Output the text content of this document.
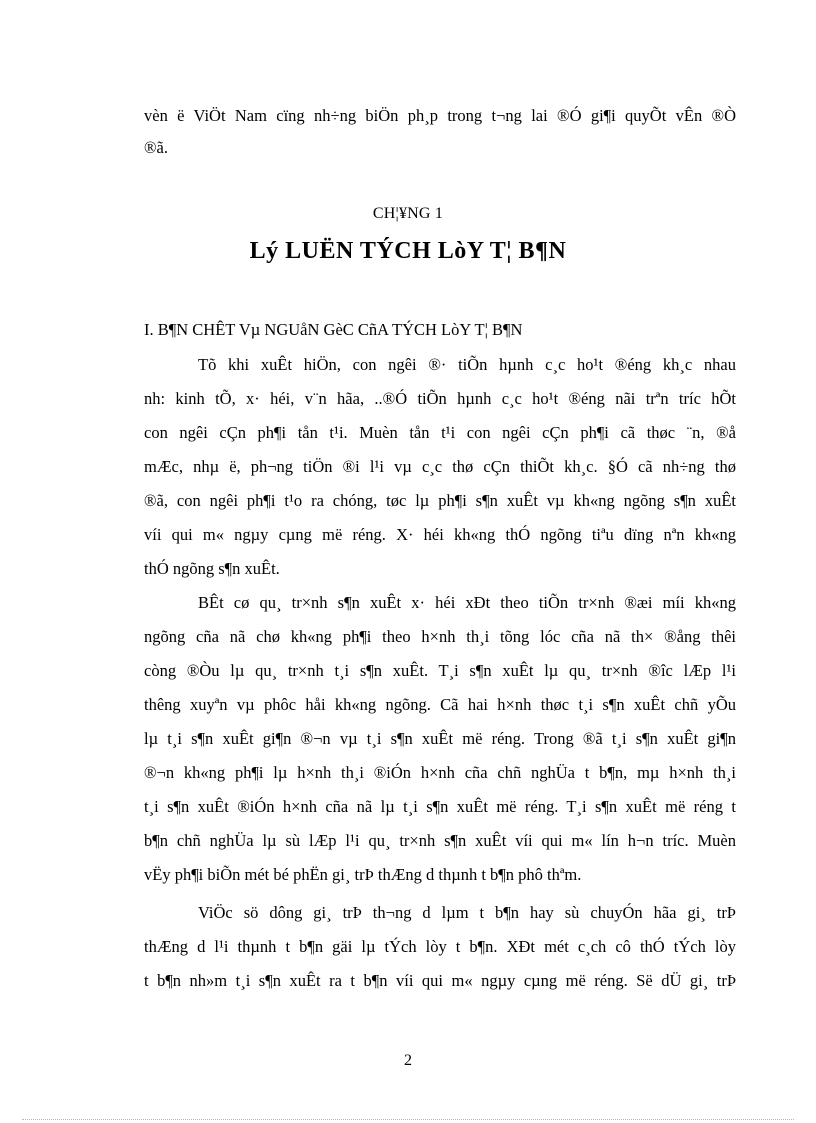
vèn ë ViÖt Nam cïng nh÷ng biÖn ph¸p trong t¬ng lai ®Ó gi¶i quyÕt vÊn ®Ò
®ã.
CH¦¥NG 1
Lý LUËN TÝCH LòY T¦ B¶N
I. B¶N CHÊT Vµ NGUåN GèC CñA TÝCH LòY T¦ B¶N
Tõ khi xuÊt hiÖn, con ngêi ®· tiÕn hµnh c¸c ho¹t ®éng kh¸c nhau
nh: kinh tÕ, x· héi, v¨n hãa, ..®Ó tiÕn hµnh c¸c ho¹t ®éng nãi trªn tríc hÕt
con ngêi cÇn ph¶i tån t¹i. Muèn tån t¹i con ngêi cÇn ph¶i cã thøc ¨n, ®å
mÆc, nhµ ë, ph¬ng tiÖn ®i l¹i vµ c¸c thø cÇn thiÕt kh¸c. §Ó cã nh÷ng thø
®ã, con ngêi ph¶i t¹o ra chóng, tøc lµ ph¶i s¶n xuÊt vµ kh«ng ngõng s¶n xuÊt
víi qui m« ngµy cµng më réng. X· héi kh«ng thÓ ngõng tiªu dïng nªn kh«ng
thÓ ngõng s¶n xuÊt.
BÊt cø qu¸ tr×nh s¶n xuÊt x· héi xÐt theo tiÕn tr×nh ®æi míi kh«ng
ngõng cña nã chø kh«ng ph¶i theo h×nh th¸i tõng lóc cña nã th× ®ång thêi
còng ®Òu lµ qu¸ tr×nh t¸i s¶n xuÊt. T¸i s¶n xuÊt lµ qu¸ tr×nh ®îc lÆp l¹i
thêng xuyªn vµ phôc håi kh«ng ngõng. Cã hai h×nh thøc t¸i s¶n xuÊt chñ yÕu
lµ t¸i s¶n xuÊt gi¶n ®¬n vµ t¸i s¶n xuÊt më réng. Trong ®ã t¸i s¶n xuÊt gi¶n
®¬n kh«ng ph¶i lµ h×nh th¸i ®iÓn h×nh cña chñ nghÜa t b¶n, mµ h×nh th¸i
t¸i s¶n xuÊt ®iÓn h×nh cña nã lµ t¸i s¶n xuÊt më réng. T¸i s¶n xuÊt më réng t
b¶n chñ nghÜa lµ sù lÆp l¹i qu¸ tr×nh s¶n xuÊt víi qui m« lín h¬n tríc. Muèn
vËy ph¶i biÕn mét bé phËn gi¸ trÞ thÆng d thµnh t b¶n phô thªm.
ViÖc sö dông gi¸ trÞ th¬ng d lµm t b¶n hay sù chuyÓn hãa gi¸ trÞ
thÆng d l¹i thµnh t b¶n gäi lµ tÝch lòy t b¶n. XÐt mét c¸ch cô thÓ tÝch lòy
t b¶n nh»m t¸i s¶n xuÊt ra t b¶n víi qui m« ngµy cµng më réng. Së dÜ gi¸ trÞ
2
